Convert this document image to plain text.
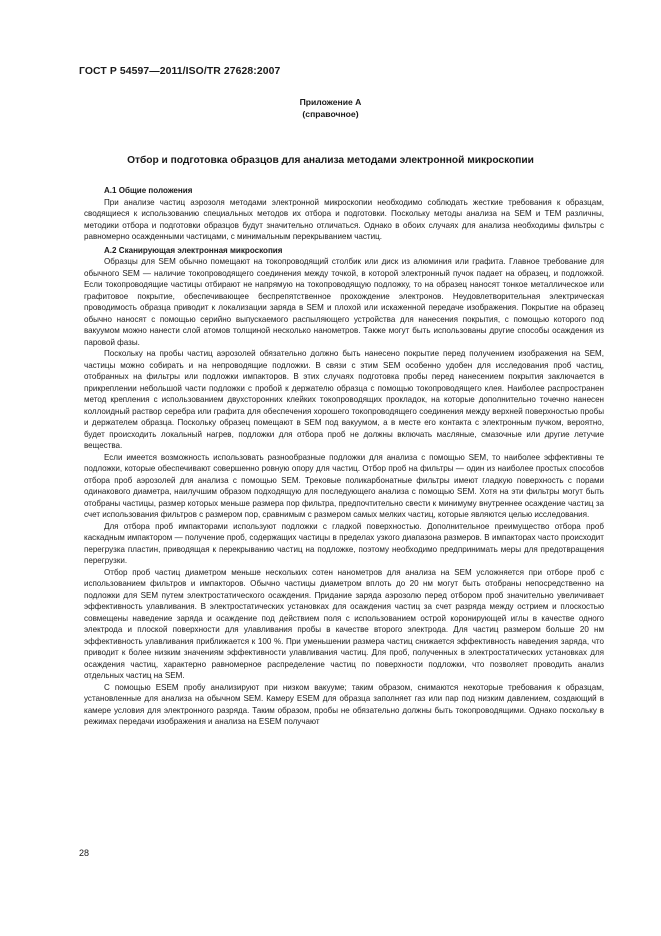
ГОСТ Р 54597—2011/ISO/TR 27628:2007
Приложение А
(справочное)
Отбор и подготовка образцов для анализа методами электронной микроскопии

А.1 Общие положения

При анализе частиц аэрозоля методами электронной микроскопии необходимо соблюдать жесткие требования к образцам, сводящиеся к использованию специальных методов их отбора и подготовки. Поскольку методы анализа на SEM и TEM различны, методики отбора и подготовки образцов будут значительно отличаться. Однако в обоих случаях для анализа необходимы фильтры с равномерно осажденными частицами, с минимальным перекрыванием частиц.

А.2 Сканирующая электронная микроскопия

Образцы для SEM обычно помещают на токопроводящий столбик или диск из алюминия или графита. Главное требование для обычного SEM — наличие токопроводящего соединения между точкой, в которой электронный пучок падает на образец, и подложкой. Если токопроводящие частицы отбирают не напрямую на токопроводящую подложку, то на образец наносят тонкое металлическое или графитовое покрытие, обеспечивающее беспрепятственное прохождение электронов. Неудовлетворительная электрическая проводимость образца приводит к локализации заряда в SEM и плохой или искаженной передаче изображения. Покрытие на образец обычно наносят с помощью серийно выпускаемого распыляющего устройства для нанесения покрытия, с помощью которого под вакуумом можно нанести слой атомов толщиной несколько нанометров. Также могут быть использованы другие способы осаждения из паровой фазы.

Поскольку на пробы частиц аэрозолей обязательно должно быть нанесено покрытие перед получением изображения на SEM, частицы можно собирать и на непроводящие подложки. В связи с этим SEM особенно удобен для исследования проб частиц, отобранных на фильтры или подложки импакторов. В этих случаях подготовка пробы перед нанесением покрытия заключается в прикреплении небольшой части подложки с пробой к держателю образца с помощью токопроводящего клея. Наиболее распространен метод крепления с использованием двухсторонних клейких токопроводящих прокладок, на которые дополнительно точечно нанесен коллоидный раствор серебра или графита для обеспечения хорошего токопроводящего соединения между верхней поверхностью пробы и держателем образца. Поскольку образец помещают в SEM под вакуумом, а в месте его контакта с электронным пучком, вероятно, будет происходить локальный нагрев, подложки для отбора проб не должны включать масляные, смазочные или другие летучие вещества.

Если имеется возможность использовать разнообразные подложки для анализа с помощью SEM, то наиболее эффективны те подложки, которые обеспечивают совершенно ровную опору для частиц. Отбор проб на фильтры — один из наиболее простых способов отбора проб аэрозолей для анализа с помощью SEM. Трековые поликарбонатные фильтры имеют гладкую поверхность с порами одинакового диаметра, наилучшим образом подходящую для последующего анализа с помощью SEM. Хотя на эти фильтры могут быть отобраны частицы, размер которых меньше размера пор фильтра, предпочтительно свести к минимуму внутреннее осаждение частиц за счет использования фильтров с размером пор, сравнимым с размером самых мелких частиц, которые являются целью исследования.

Для отбора проб импакторами используют подложки с гладкой поверхностью. Дополнительное преимущество отбора проб каскадным импактором — получение проб, содержащих частицы в пределах узкого диапазона размеров. В импакторах часто происходит перегрузка пластин, приводящая к перекрыванию частиц на подложке, поэтому необходимо предпринимать меры для предотвращения перегрузки.

Отбор проб частиц диаметром меньше нескольких сотен нанометров для анализа на SEM усложняется при отборе проб с использованием фильтров и импакторов. Обычно частицы диаметром вплоть до 20 нм могут быть отобраны непосредственно на подложки для SEM путем электростатического осаждения. Придание заряда аэрозолю перед отбором проб значительно увеличивает эффективность улавливания. В электростатических установках для осаждения частиц за счет разряда между острием и плоскостью совмещены наведение заряда и осаждение под действием поля с использованием острой коронирующей иглы в качестве одного электрода и плоской поверхности для улавливания пробы в качестве второго электрода. Для частиц размером больше 20 нм эффективность улавливания приближается к 100 %. При уменьшении размера частиц снижается эффективность наведения заряда, что приводит к более низким значениям эффективности улавливания частиц. Для проб, полученных в электростатических установках для осаждения частиц, характерно равномерное распределение частиц по поверхности подложки, что позволяет проводить анализ отдельных частиц на SEM.

С помощью ESEM пробу анализируют при низком вакууме; таким образом, снимаются некоторые требования к образцам, установленные для анализа на обычном SEM. Камеру ESEM для образца заполняет газ или пар под низким давлением, создающий в камере условия для электронного разряда. Таким образом, пробы не обязательно должны быть токопроводящими. Однако поскольку в режимах передачи изображения и анализа на ESEM получают

28
